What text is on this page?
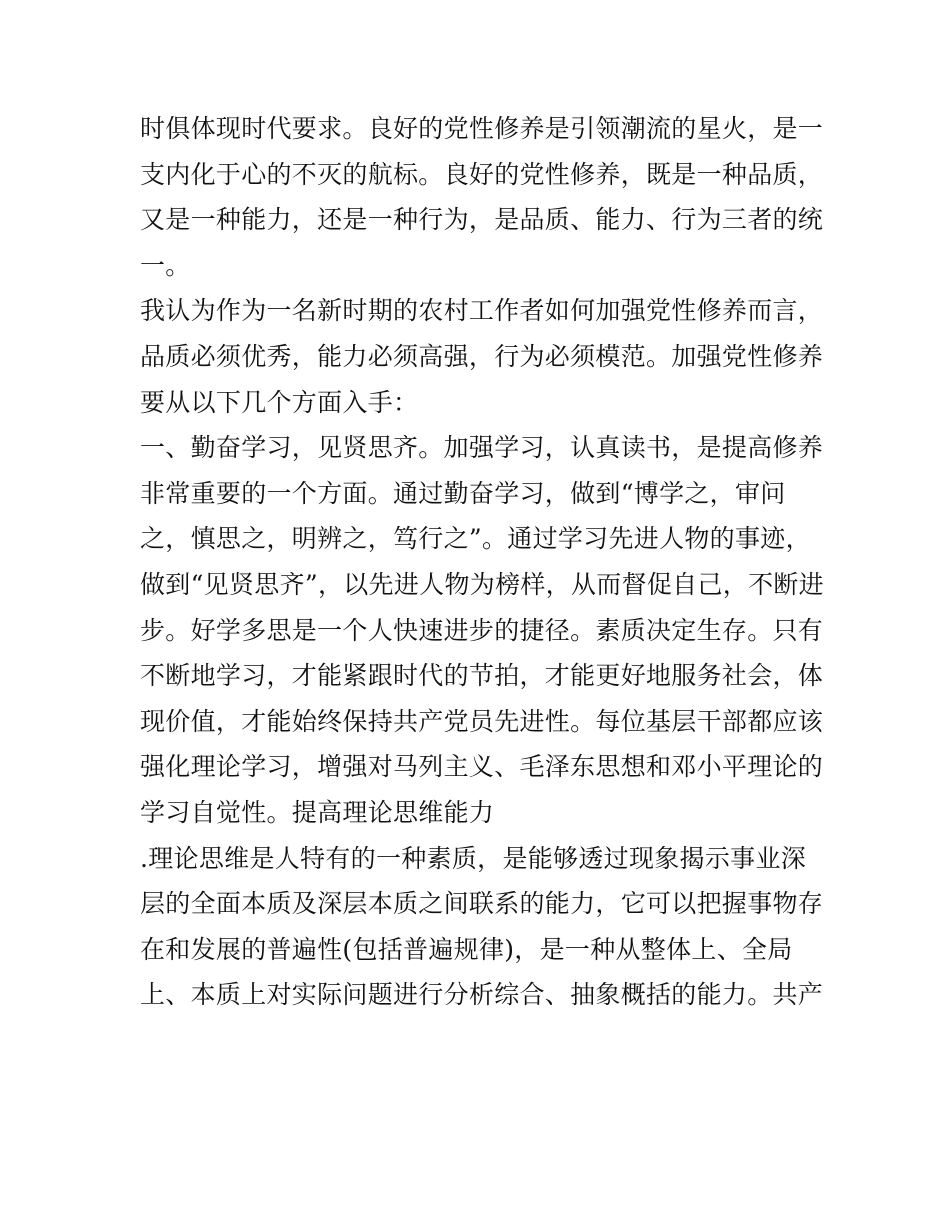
时俱体现时代要求。良好的党性修养是引领潮流的星火，是一
支内化于心的不灭的航标。良好的党性修养，既是一种品质，
又是一种能力，还是一种行为，是品质、能力、行为三者的统
一。
我认为作为一名新时期的农村工作者如何加强党性修养而言，
品质必须优秀，能力必须高强，行为必须模范。加强党性修养
要从以下几个方面入手：
一、勤奋学习，见贤思齐。加强学习，认真读书，是提高修养
非常重要的一个方面。通过勤奋学习，做到“博学之，审问
之，慎思之，明辨之，笃行之”。通过学习先进人物的事迹，
做到“见贤思齐”，以先进人物为榜样，从而督促自己，不断进
步。好学多思是一个人快速进步的捷径。素质决定生存。只有
不断地学习，才能紧跟时代的节拍，才能更好地服务社会，体
现价值，才能始终保持共产党员先进性。每位基层干部都应该
强化理论学习，增强对马列主义、毛泽东思想和邓小平理论的
学习自觉性。提高理论思维能力
.理论思维是人特有的一种素质，是能够透过现象揭示事业深
层的全面本质及深层本质之间联系的能力，它可以把握事物存
在和发展的普遍性(包括普遍规律)，是一种从整体上、全局
上、本质上对实际问题进行分析综合、抽象概括的能力。共产
